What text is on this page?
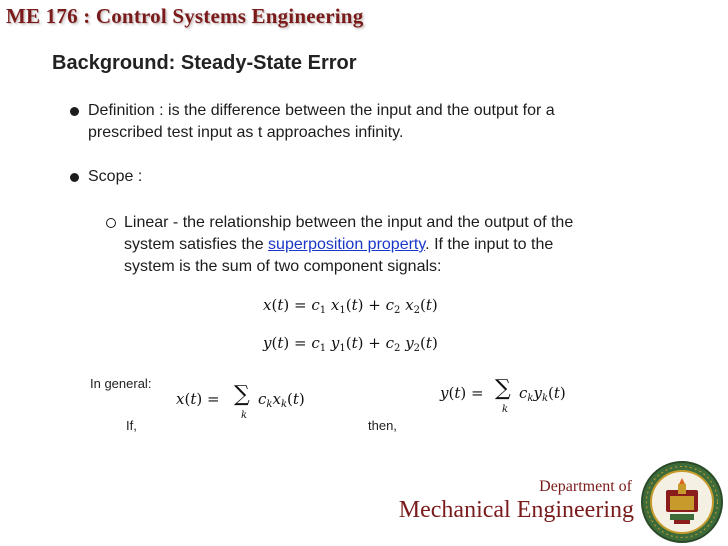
ME 176 : Control Systems Engineering
Background: Steady-State Error
Definition : is the difference between the input and the output for a
prescribed test input as t approaches infinity.
Scope :
Linear - the relationship between the input and the output of the
system satisfies the superposition property. If the input to the
system is the sum of two component signals:
$x(t) = c_1$ $x_1(t) + c_2$ $x_2(t)$
$y(t) = c_1$ $y_1(t) + c_2$ $y_2(t)$
In general:
x(t) = ∑
k
$c_kx_k(t)$	y(t) = ∑
k
$c_ky_k(t)$
If,	then,
Department of
Mechanical Engineering
